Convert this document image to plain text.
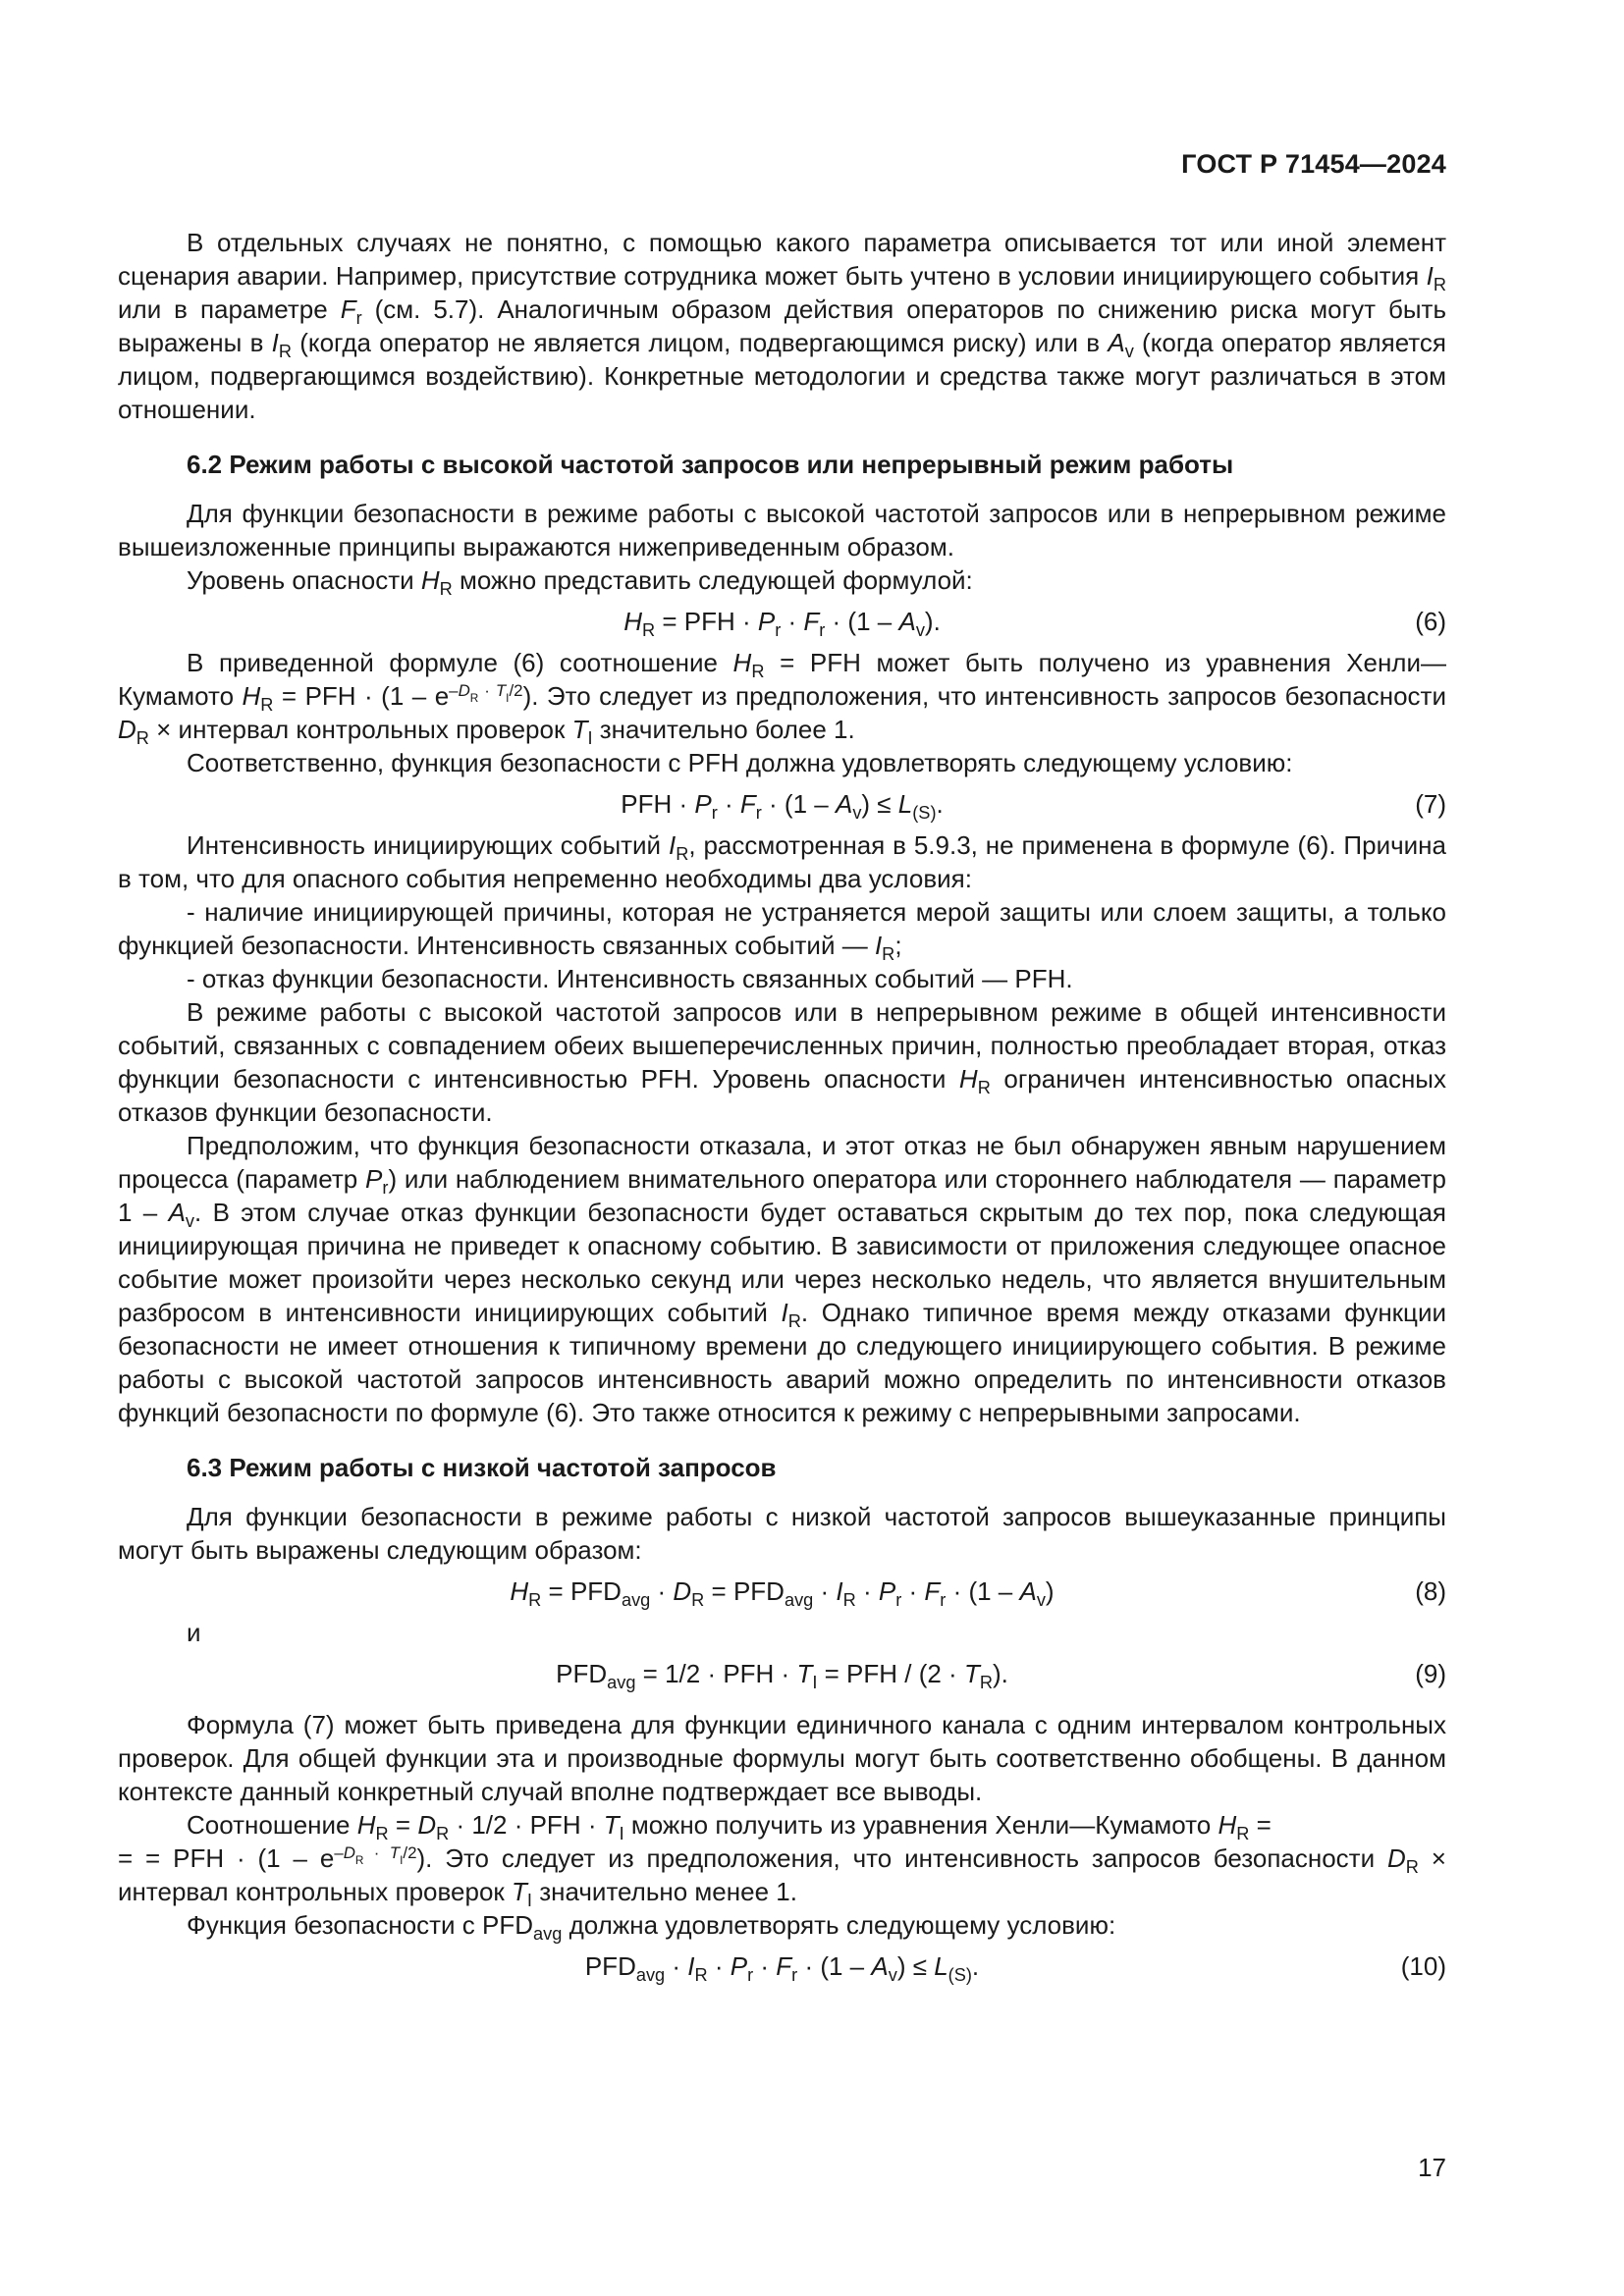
ГОСТ Р 71454—2024

В отдельных случаях не понятно, с помощью какого параметра описывается тот или иной элемент сценария аварии. Например, присутствие сотрудника может быть учтено в условии инициирующего события $I_R$ или в параметре $F_r$ (см. 5.7). Аналогичным образом действия операторов по снижению риска могут быть выражены в $I_R$ (когда оператор не является лицом, подвергающимся риску) или в $A_v$ (когда оператор является лицом, подвергающимся воздействию). Конкретные методологии и средства также могут различаться в этом отношении.

6.2 Режим работы с высокой частотой запросов или непрерывный режим работы

Для функции безопасности в режиме работы с высокой частотой запросов или в непрерывном режиме вышеизложенные принципы выражаются нижеприведенным образом.

Уровень опасности $H_R$ можно представить следующей формулой:

$H_R$ = PFH · $P_r \cdot F_r \cdot (1 - A_v)$.	(6)

В приведенной формуле (6) соотношение $H_R$ = PFH может быть получено из уравнения Хенли—Кумамото $H_R$ = PFH · $(1 - e^{-D_R \cdot T_I/2})$. Это следует из предположения, что интенсивность запросов безопасности $D_R$ × интервал контрольных проверок $T_I$ значительно более 1.

Соответственно, функция безопасности с PFH должна удовлетворять следующему условию:

PFH · $P_r \cdot F_r \cdot (1 - A_v) \le L_{(S)}$.	(7)

Интенсивность инициирующих событий $I_R$, рассмотренная в 5.9.3, не применена в формуле (6). Причина в том, что для опасного события непременно необходимы два условия:

- наличие инициирующей причины, которая не устраняется мерой защиты или слоем защиты, а только функцией безопасности. Интенсивность связанных событий — $I_R$;

- отказ функции безопасности. Интенсивность связанных событий — PFH.

В режиме работы с высокой частотой запросов или в непрерывном режиме в общей интенсивности событий, связанных с совпадением обеих вышеперечисленных причин, полностью преобладает вторая, отказ функции безопасности с интенсивностью PFH. Уровень опасности $H_R$ ограничен интенсивностью опасных отказов функции безопасности.

Предположим, что функция безопасности отказала, и этот отказ не был обнаружен явным нарушением процесса (параметр $P_r$) или наблюдением внимательного оператора или стороннего наблюдателя — параметр $1 - A_v$. В этом случае отказ функции безопасности будет оставаться скрытым до тех пор, пока следующая инициирующая причина не приведет к опасному событию. В зависимости от приложения следующее опасное событие может произойти через несколько секунд или через несколько недель, что является внушительным разбросом в интенсивности инициирующих событий $I_R$. Однако типичное время между отказами функции безопасности не имеет отношения к типичному времени до следующего инициирующего события. В режиме работы с высокой частотой запросов интенсивность аварий можно определить по интенсивности отказов функций безопасности по формуле (6). Это также относится к режиму с непрерывными запросами.

6.3 Режим работы с низкой частотой запросов

Для функции безопасности в режиме работы с низкой частотой запросов вышеуказанные принципы могут быть выражены следующим образом:

$H_R = PFD_{avg} \cdot D_R = PFD_{avg} \cdot I_R \cdot P_r \cdot F_r \cdot (1 - A_v)$	(8)

и

$PFD_{avg} = 1/2$ · PFH · $T_I$ = PFH / $(2 \cdot T_R)$.	(9)

Формула (7) может быть приведена для функции единичного канала с одним интервалом контрольных проверок. Для общей функции эта и производные формулы могут быть соответственно обобщены. В данном контексте данный конкретный случай вполне подтверждает все выводы.

Соотношение $H_R = D_R \cdot 1/2$ · PFH · $T_I$ можно получить из уравнения Хенли—Кумамото $H_R$ =
= = PFH · $(1 - e^{-D_R \cdot T_I/2})$. Это следует из предположения, что интенсивность запросов безопасности $D_R$ × интервал контрольных проверок $T_I$ значительно менее 1.

Функция безопасности с $PFD_{avg}$ должна удовлетворять следующему условию:

$PFD_{avg} \cdot I_R \cdot P_r \cdot F_r \cdot (1 - A_v) \le L_{(S)}$.	(10)
17
